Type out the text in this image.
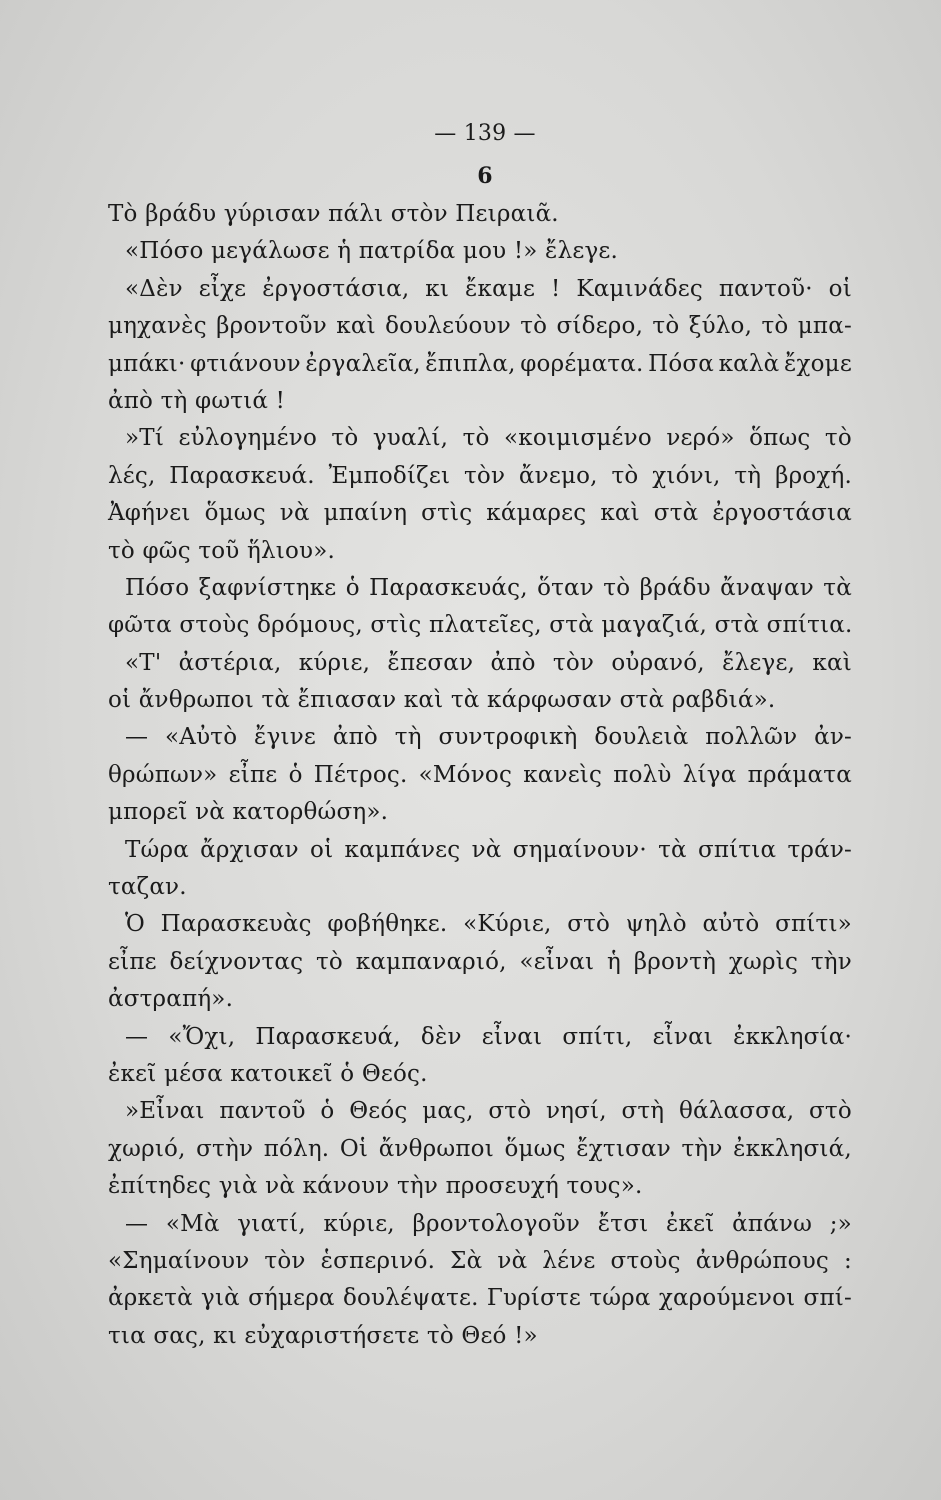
— 139 —
6
Τὸ βράδυ γύρισαν πάλι στὸν Πειραιᾶ.
«Πόσο μεγάλωσε ἡ πατρίδα μου !» ἔλεγε.
«Δὲν εἶχε ἐργοστάσια, κι ἔκαμε ! Καμινάδες παντοῦ· οἱ
μηχανὲς βροντοῦν καὶ δουλεύουν τὸ σίδερο, τὸ ξύλο, τὸ μπα-
μπάκι· φτιάνουν ἐργαλεῖα, ἔπιπλα, φορέματα. Πόσα καλὰ ἔχομε
ἀπὸ τὴ φωτιά !
»Τί εὐλογημένο τὸ γυαλί, τὸ «κοιμισμένο νερό» ὅπως τὸ
λές, Παρασκευά. Ἐμποδίζει τὸν ἄνεμο, τὸ χιόνι, τὴ βροχή.
Ἀφήνει ὅμως νὰ μπαίνη στὶς κάμαρες καὶ στὰ ἐργοστάσια
τὸ φῶς τοῦ ἥλιου».
Πόσο ξαφνίστηκε ὁ Παρασκευάς, ὅταν τὸ βράδυ ἄναψαν τὰ
φῶτα στοὺς δρόμους, στὶς πλατεῖες, στὰ μαγαζιά, στὰ σπίτια.
«Τ' ἀστέρια, κύριε, ἔπεσαν ἀπὸ τὸν οὐρανό, ἔλεγε, καὶ
οἱ ἄνθρωποι τὰ ἔπιασαν καὶ τὰ κάρφωσαν στὰ ραβδιά».
— «Αὐτὸ ἔγινε ἀπὸ τὴ συντροφικὴ δουλειὰ πολλῶν ἀν-
θρώπων» εἶπε ὁ Πέτρος. «Μόνος κανεὶς πολὺ λίγα πράματα
μπορεῖ νὰ κατορθώση».
Τώρα ἄρχισαν οἱ καμπάνες νὰ σημαίνουν· τὰ σπίτια τράν-
ταζαν.
Ὁ Παρασκευὰς φοβήθηκε. «Κύριε, στὸ ψηλὸ αὐτὸ σπίτι»
εἶπε δείχνοντας τὸ καμπαναριό, «εἶναι ἡ βροντὴ χωρὶς τὴν
ἀστραπή».
— «Ὄχι, Παρασκευά, δὲν εἶναι σπίτι, εἶναι ἐκκλησία·
ἐκεῖ μέσα κατοικεῖ ὁ Θεός.
»Εἶναι παντοῦ ὁ Θεός μας, στὸ νησί, στὴ θάλασσα, στὸ
χωριό, στὴν πόλη. Οἱ ἄνθρωποι ὅμως ἔχτισαν τὴν ἐκκλησιά,
ἐπίτηδες γιὰ νὰ κάνουν τὴν προσευχή τους».
— «Μὰ γιατί, κύριε, βροντολογοῦν ἔτσι ἐκεῖ ἀπάνω ;»
«Σημαίνουν τὸν ἑσπερινό. Σὰ νὰ λένε στοὺς ἀνθρώπους :
ἀρκετὰ γιὰ σήμερα δουλέψατε. Γυρίστε τώρα χαρούμενοι σπί-
τια σας, κι εὐχαριστήσετε τὸ Θεό !»
